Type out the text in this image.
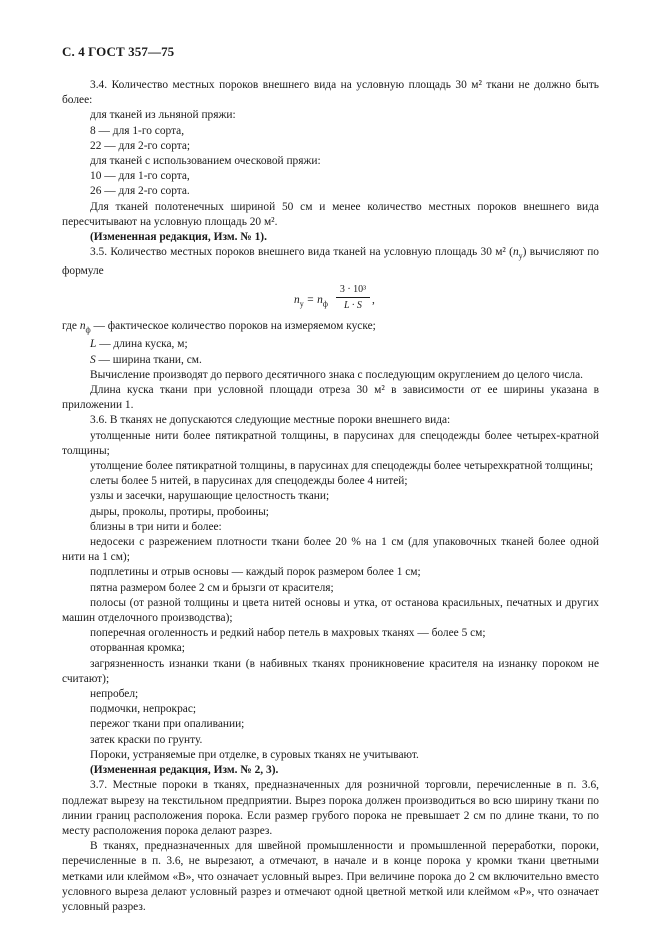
С. 4 ГОСТ 357—75

3.4. Количество местных пороков внешнего вида на условную площадь 30 м² ткани не должно быть более:

для тканей из льняной пряжи:

8 — для 1-го сорта,

22 — для 2-го сорта;

для тканей с использованием оческовой пряжи:

10 — для 1-го сорта,

26 — для 2-го сорта.

Для тканей полотенечных шириной 50 см и менее количество местных пороков внешнего вида пересчитывают на условную площадь 20 м².

(Измененная редакция, Изм. № 1).

3.5. Количество местных пороков внешнего вида тканей на условную площадь 30 м² $(n_у)$ вычисляют по формуле

$n_у = n_ф \frac{\text{3 · 10³}}{L \cdot S}$ ,

где $n_ф$ — фактическое количество пороков на измеряемом куске;

L — длина куска, м;

S — ширина ткани, см.

Вычисление производят до первого десятичного знака с последующим округлением до целого числа.

Длина куска ткани при условной площади отреза 30 м² в зависимости от ее ширины указана в приложении 1.

3.6. В тканях не допускаются следующие местные пороки внешнего вида:

утолщенные нити более пятикратной толщины, в парусинах для спецодежды более четырех-кратной толщины;

утолщение более пятикратной толщины, в парусинах для спецодежды более четырехкратной толщины;

слеты более 5 нитей, в парусинах для спецодежды более 4 нитей;

узлы и засечки, нарушающие целостность ткани;

дыры, проколы, протиры, пробоины;

близны в три нити и более:

недосеки с разрежением плотности ткани более 20 % на 1 см (для упаковочных тканей более одной нити на 1 см);

подплетины и отрыв основы — каждый порок размером более 1 см;

пятна размером более 2 см и брызги от красителя;

полосы (от разной толщины и цвета нитей основы и утка, от останова красильных, печатных и других машин отделочного производства);

поперечная оголенность и редкий набор петель в махровых тканях — более 5 см;

оторванная кромка;

загрязненность изнанки ткани (в набивных тканях проникновение красителя на изнанку пороком не считают);

непробел;

подмочки, непрокрас;

пережог ткани при опаливании;

затек краски по грунту.

Пороки, устраняемые при отделке, в суровых тканях не учитывают.

(Измененная редакция, Изм. № 2, 3).

3.7. Местные пороки в тканях, предназначенных для розничной торговли, перечисленные в п. 3.6, подлежат вырезу на текстильном предприятии. Вырез порока должен производиться во всю ширину ткани по линии границ расположения порока. Если размер грубого порока не превышает 2 см по длине ткани, то по месту расположения порока делают разрез.

В тканях, предназначенных для швейной промышленности и промышленной переработки, пороки, перечисленные в п. 3.6, не вырезают, а отмечают, в начале и в конце порока у кромки ткани цветными метками или клеймом «В», что означает условный вырез. При величине порока до 2 см включительно вместо условного выреза делают условный разрез и отмечают одной цветной меткой или клеймом «Р», что означает условный разрез.
